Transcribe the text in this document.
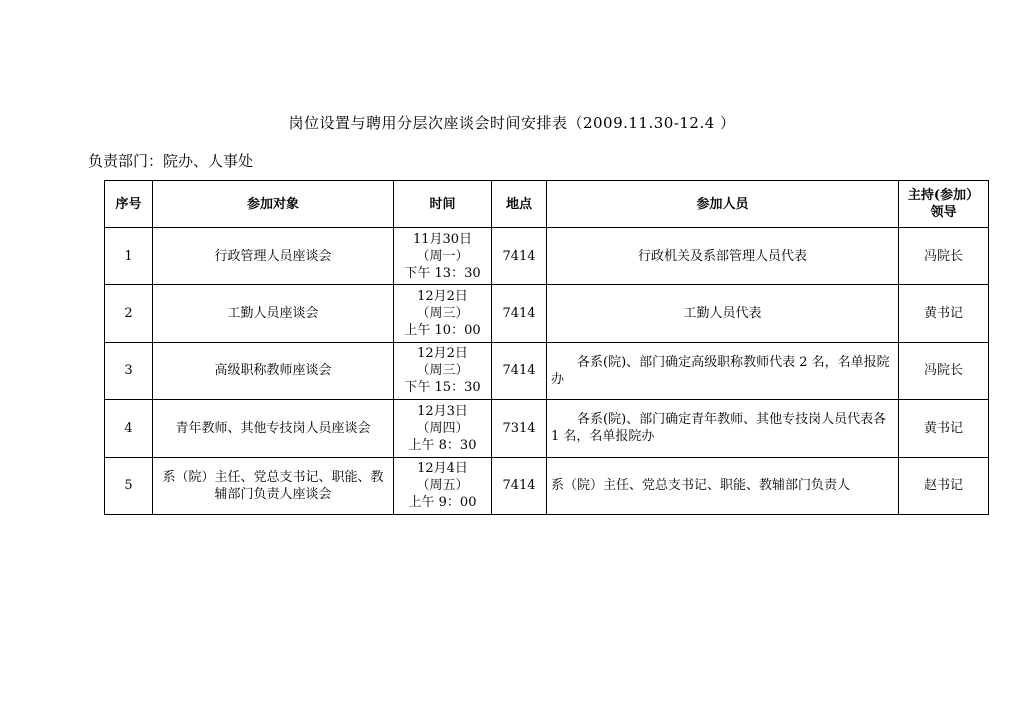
岗位设置与聘用分层次座谈会时间安排表（2009.11.30-12.4 ）
负责部门：院办、人事处
序号	参加对象	时间	地点	参加人员	主持(参加）领导
1	行政管理人员座谈会	11月30日
（周一）
下午 13：30	7414	行政机关及系部管理人员代表	冯院长
2	工勤人员座谈会	12月2日
（周三）
上午 10：00	7414	工勤人员代表	黄书记
3	高级职称教师座谈会	12月2日
（周三）
下午 15：30	7414	各系(院)、部门确定高级职称教师代表 2 名，名单报院办	冯院长
4	青年教师、其他专技岗人员座谈会	12月3日
（周四）
上午 8：30	7314	各系(院)、部门确定青年教师、其他专技岗人员代表各 1 名，名单报院办	黄书记
5	系（院）主任、党总支书记、职能、教辅部门负责人座谈会	12月4日
（周五）
上午 9：00	7414	系（院）主任、党总支书记、职能、教辅部门负责人	赵书记
